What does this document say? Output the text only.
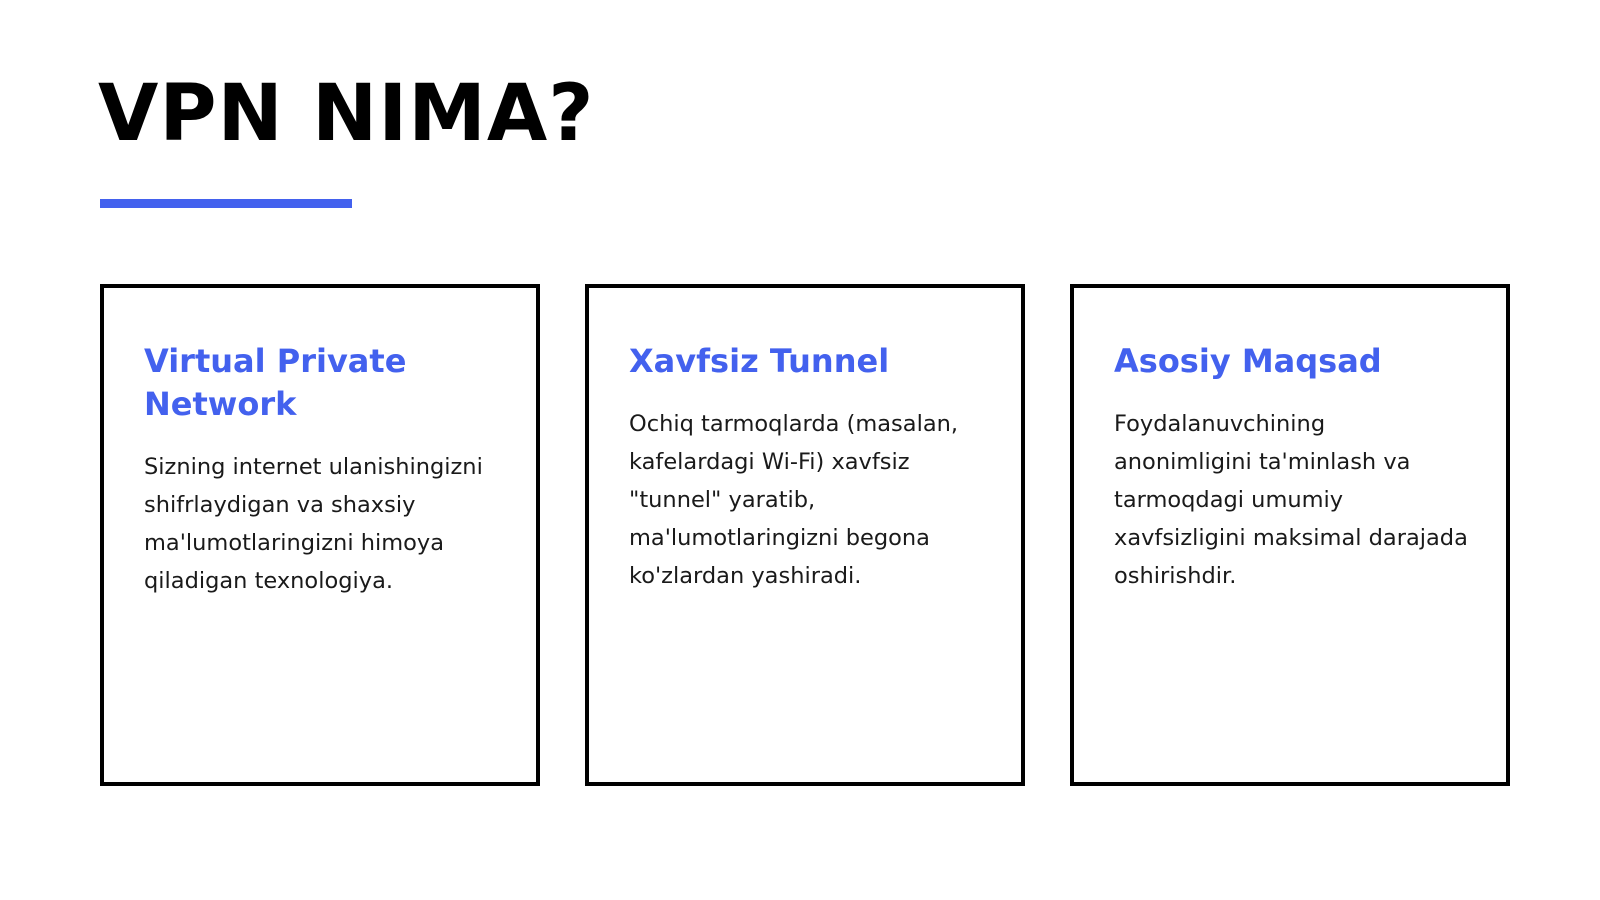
VPN NIMA?
Virtual Private Network

Sizning internet ulanishingizni shifrlaydigan va shaxsiy ma'lumotlaringizni himoya qiladigan texnologiya.

Xavfsiz Tunnel

Ochiq tarmoqlarda (masalan, kafelardagi Wi-Fi) xavfsiz "tunnel" yaratib, ma'lumotlaringizni begona ko'zlardan yashiradi.

Asosiy Maqsad

Foydalanuvchining anonimligini ta'minlash va tarmoqdagi umumiy xavfsizligini maksimal darajada oshirishdir.
